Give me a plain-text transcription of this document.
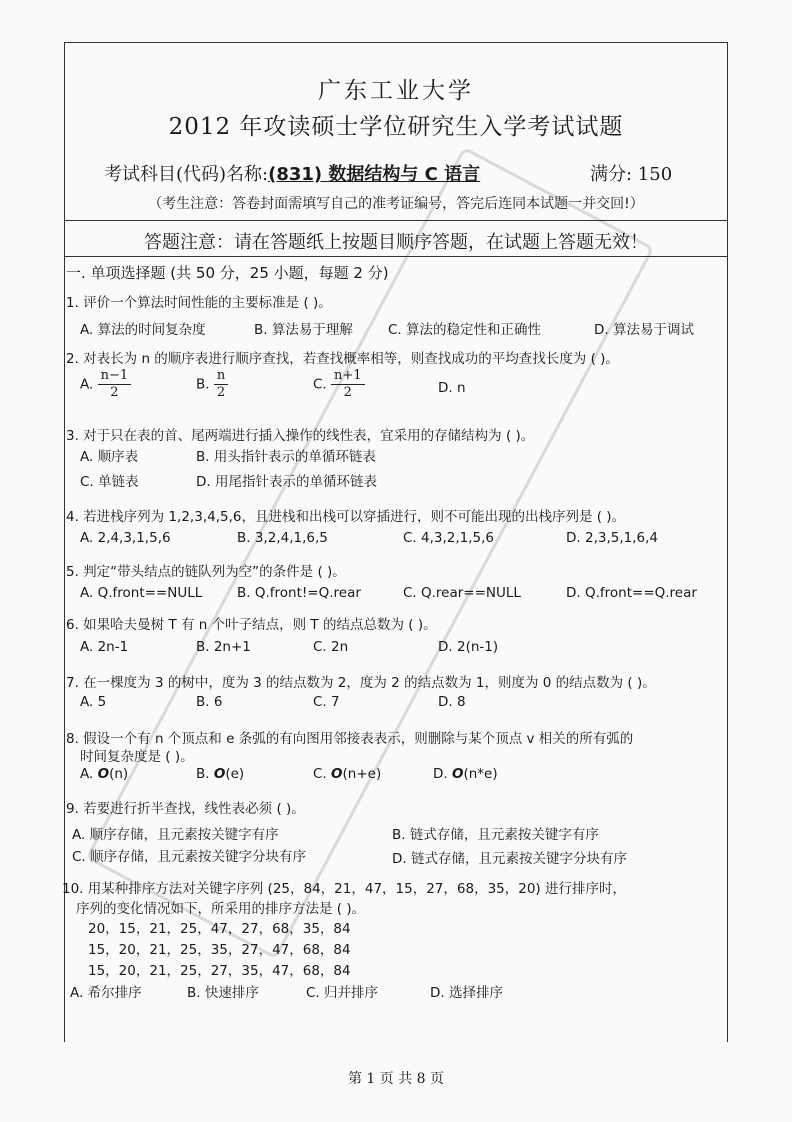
广东工业大学
2012 年攻读硕士学位研究生入学考试试题
考试科目(代码)名称:(831) 数据结构与 C 语言	满分: 150
（考生注意：答卷封面需填写自己的准考证编号，答完后连同本试题一并交回!）
答题注意：请在答题纸上按题目顺序答题，在试题上答题无效！
一. 单项选择题 (共 50 分，25 小题，每题 2 分)
1. 评价一个算法时间性能的主要标准是 ( )。
A. 算法的时间复杂度	B. 算法易于理解	C. 算法的稳定性和正确性	D. 算法易于调试
2. 对表长为 n 的顺序表进行顺序查找，若查找概率相等，则查找成功的平均查找长度为 ( )。
A. $\frac{n-1}{2}$	B. $\frac{n}{2}$	C. $\frac{n+1}{2}$	D. n
3. 对于只在表的首、尾两端进行插入操作的线性表，宜采用的存储结构为 ( )。
A. 顺序表	B. 用头指针表示的单循环链表
C. 单链表	D. 用尾指针表示的单循环链表
4. 若进栈序列为 1,2,3,4,5,6，且进栈和出栈可以穿插进行，则不可能出现的出栈序列是 ( )。
A. 2,4,3,1,5,6	B. 3,2,4,1,6,5	C. 4,3,2,1,5,6	D. 2,3,5,1,6,4
5. 判定“带头结点的链队列为空”的条件是 ( )。
A. Q.front==NULL	B. Q.front!=Q.rear	C. Q.rear==NULL	D. Q.front==Q.rear
6. 如果哈夫曼树 T 有 n 个叶子结点，则 T 的结点总数为 ( )。
A. 2n-1	B. 2n+1	C. 2n	D. 2(n-1)
7. 在一棵度为 3 的树中，度为 3 的结点数为 2，度为 2 的结点数为 1，则度为 0 的结点数为 ( )。
A. 5	B. 6	C. 7	D. 8
8. 假设一个有 n 个顶点和 e 条弧的有向图用邻接表表示，则删除与某个顶点 v 相关的所有弧的
时间复杂度是 ( )。
A. O(n)	B. O(e)	C. O(n+e)	D. O(n*e)
9. 若要进行折半查找，线性表必须 ( )。
A. 顺序存储，且元素按关键字有序	B. 链式存储，且元素按关键字有序
C. 顺序存储，且元素按关键字分块有序	D. 链式存储，且元素按关键字分块有序
10. 用某种排序方法对关键字序列 (25，84，21，47，15，27，68，35，20) 进行排序时，
序列的变化情况如下，所采用的排序方法是 ( )。
20，15，21，25，47，27，68，35，84
15，20，21，25，35，27，47，68，84
15，20，21，25，27，35，47，68，84
A. 希尔排序	B. 快速排序	C. 归并排序	D. 选择排序
第 1 页 共 8 页
